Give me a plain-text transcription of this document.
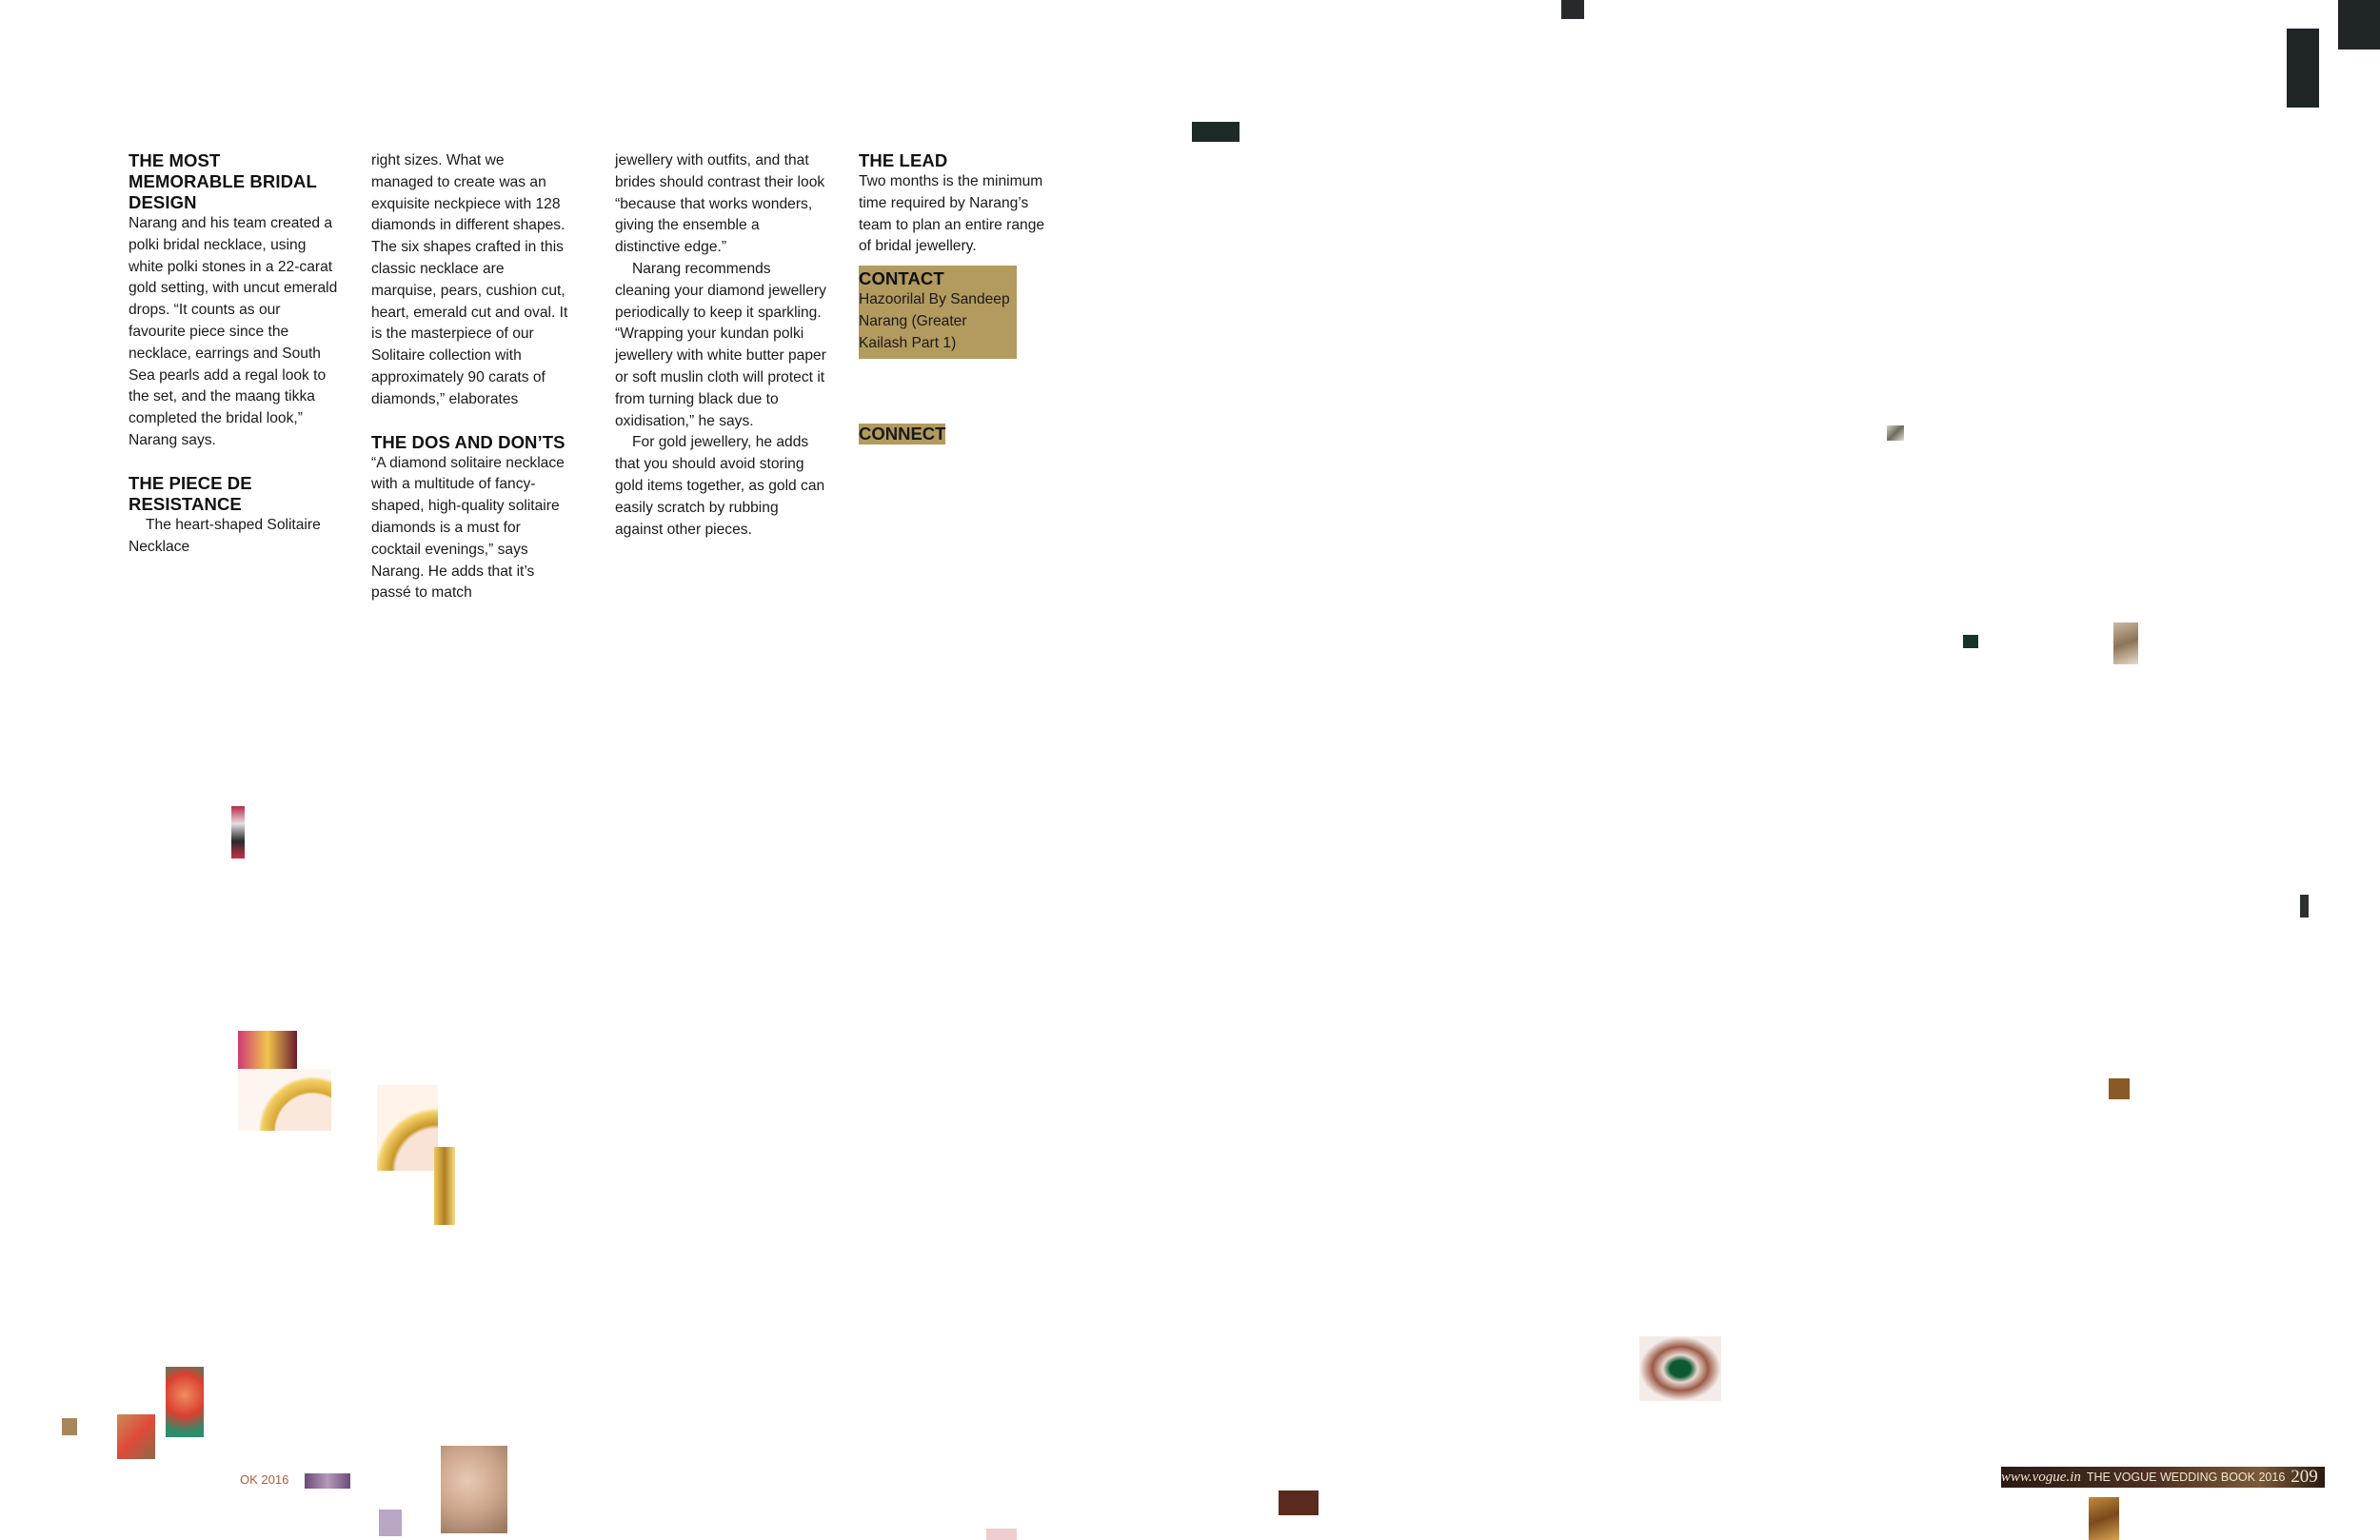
THE MOST MEMORABLE BRIDAL DESIGN

Narang and his team created a polki bridal necklace, using white polki stones in a 22-carat gold setting, with uncut emerald drops. “It counts as our favourite piece since the necklace, earrings and South Sea pearls add a regal look to the set, and the maang tikka completed the bridal look,” Narang says.

THE PIECE DE RESISTANCE

The heart-shaped Solitaire Necklace

right sizes. What we managed to create was an exquisite neckpiece with 128 diamonds in different shapes. The six shapes crafted in this classic necklace are marquise, pears, cushion cut, heart, emerald cut and oval. It is the masterpiece of our Solitaire collection with approximately 90 carats of diamonds,” elaborates

THE DOS AND DON’TS

“A diamond solitaire necklace with a multitude of fancy-shaped, high-quality solitaire diamonds is a must for cocktail evenings,” says Narang. He adds that it’s passé to match

jewellery with outfits, and that brides should contrast their look “because that works wonders, giving the ensemble a distinctive edge.”

Narang recommends cleaning your diamond jewellery periodically to keep it sparkling. “Wrapping your kundan polki jewellery with white butter paper or soft muslin cloth will protect it from turning black due to oxidisation,” he says.

For gold jewellery, he adds that you should avoid storing gold items together, as gold can easily scratch by rubbing against other pieces.

THE LEAD

Two months is the minimum time required by Narang’s team to plan an entire range of bridal jewellery.

CONTACT

Hazoorilal By Sandeep Narang (Greater Kailash Part 1)

CONNECT
OK 2016	www.vogue.in THE VOGUE WEDDING BOOK 2016 209
